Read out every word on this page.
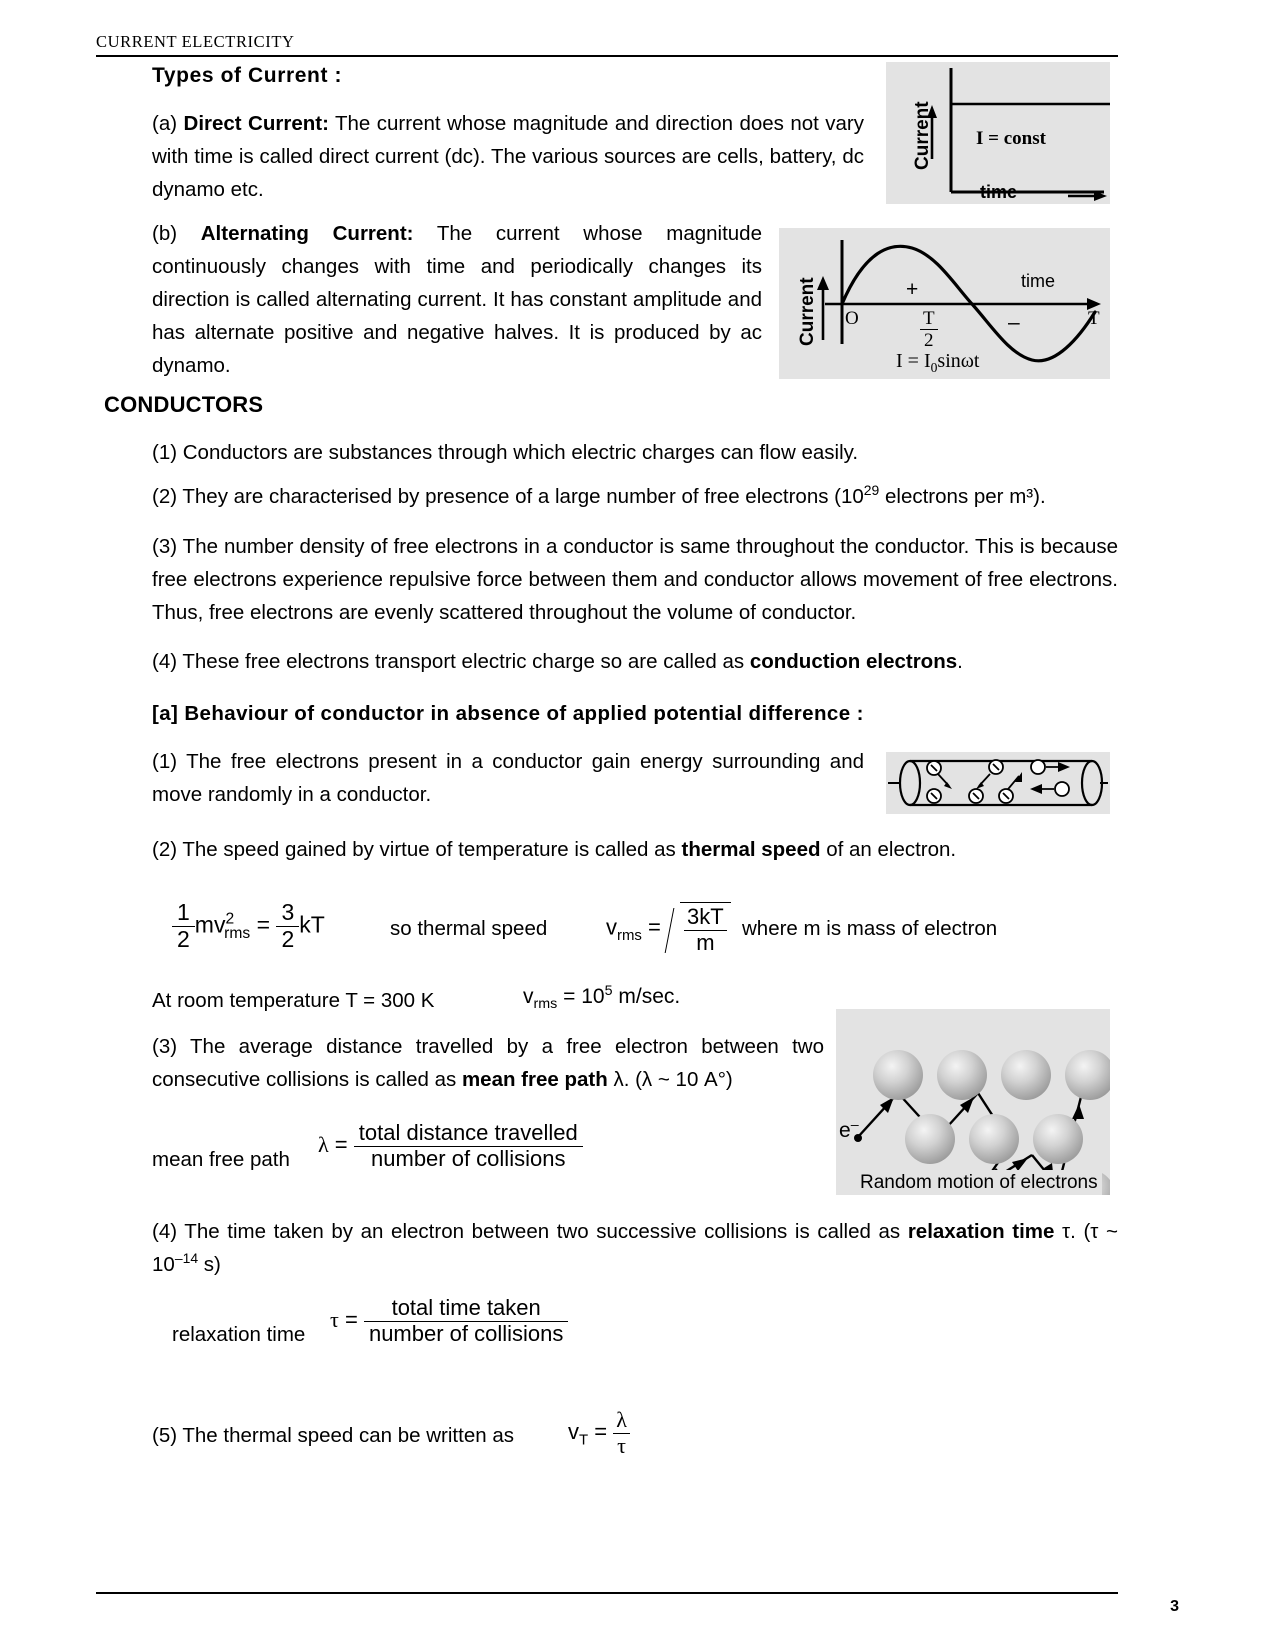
CURRENT ELECTRICITY
Types of Current :
(a) Direct Current: The current whose magnitude and direction does not vary with time is called direct current (dc). The various sources are cells, battery, dc dynamo etc.
Current I = const
time
(b) Alternating Current: The current whose magnitude continuously changes with time and periodically changes its direction is called alternating current. It has constant amplitude and has alternate positive and negative halves. It is produced by ac dynamo.
Current O
+
–
time
T
$\frac{T}{2}$
$I = I_0\sin\omega t$
CONDUCTORS
(1) Conductors are substances through which electric charges can flow easily.
(2) They are characterised by presence of a large number of free electrons ($10^{29}$ electrons per m³).
(3) The number density of free electrons in a conductor is same throughout the conductor. This is because free electrons experience repulsive force between them and conductor allows movement of free electrons. Thus, free electrons are evenly scattered throughout the volume of conductor.
(4) These free electrons transport electric charge so are called as conduction electrons.
[a] Behaviour of conductor in absence of applied potential difference :
(1) The free electrons present in a conductor gain energy surrounding and move randomly in a conductor.
(2) The speed gained by virtue of temperature is called as thermal speed of an electron.
$\frac{1}{2} mv^2_{rms} = \frac{3}{2}$ kT	so thermal speed	$v_{rms} = \frac{3kT}{m}$ where m is mass of electron
At room temperature T = 300 K	$v_{rms} = 10^5$ m/sec.
(3) The average distance travelled by a free electron between two consecutive collisions is called as mean free path λ. (λ ~ 10 A°)
e–
Random motion of electrons
mean free path
$\lambda = \frac{\text{total distance travelled}}{\text{number of collisions}}$
(4) The time taken by an electron between two successive collisions is called as relaxation time τ. (τ ~ $10^{-14}$ s)
relaxation time
$\tau = \frac{\text{total time taken}}{\text{number of collisions}}$
(5) The thermal speed can be written as $v_T = \frac{\lambda}{\tau}$
3
